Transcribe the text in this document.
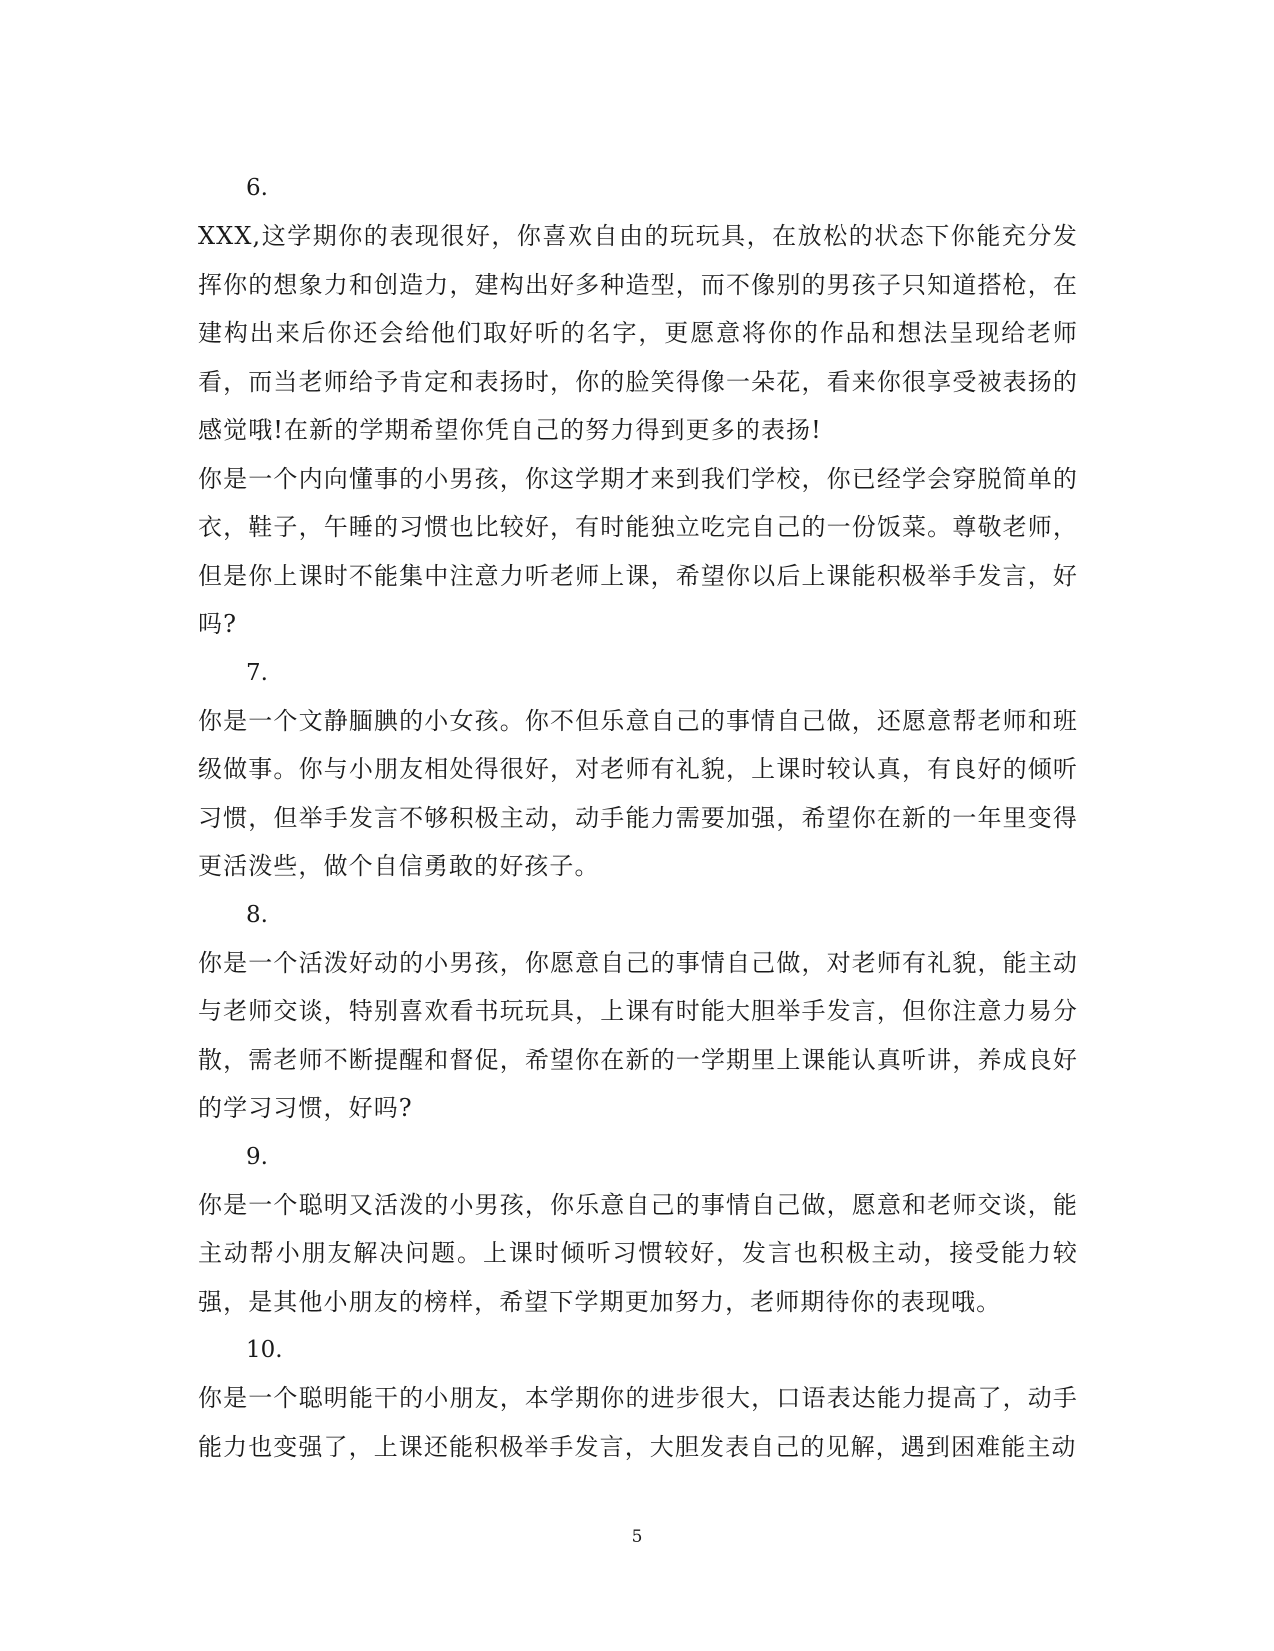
6.

XXX,这学期你的表现很好，你喜欢自由的玩玩具，在放松的状态下你能充分发挥你的想象力和创造力，建构出好多种造型，而不像别的男孩子只知道搭枪，在建构出来后你还会给他们取好听的名字，更愿意将你的作品和想法呈现给老师看，而当老师给予肯定和表扬时，你的脸笑得像一朵花，看来你很享受被表扬的感觉哦!在新的学期希望你凭自己的努力得到更多的表扬!

你是一个内向懂事的小男孩，你这学期才来到我们学校，你已经学会穿脱简单的衣，鞋子，午睡的习惯也比较好，有时能独立吃完自己的一份饭菜。尊敬老师，但是你上课时不能集中注意力听老师上课，希望你以后上课能积极举手发言，好吗?

7.

你是一个文静腼腆的小女孩。你不但乐意自己的事情自己做，还愿意帮老师和班级做事。你与小朋友相处得很好，对老师有礼貌，上课时较认真，有良好的倾听习惯，但举手发言不够积极主动，动手能力需要加强，希望你在新的一年里变得更活泼些，做个自信勇敢的好孩子。

8.

你是一个活泼好动的小男孩，你愿意自己的事情自己做，对老师有礼貌，能主动与老师交谈，特别喜欢看书玩玩具，上课有时能大胆举手发言，但你注意力易分散，需老师不断提醒和督促，希望你在新的一学期里上课能认真听讲，养成良好的学习习惯，好吗?

9.

你是一个聪明又活泼的小男孩，你乐意自己的事情自己做，愿意和老师交谈，能主动帮小朋友解决问题。上课时倾听习惯较好，发言也积极主动，接受能力较强，是其他小朋友的榜样，希望下学期更加努力，老师期待你的表现哦。

10.

你是一个聪明能干的小朋友，本学期你的进步很大，口语表达能力提高了，动手能力也变强了，上课还能积极举手发言，大胆发表自己的见解，遇到困难能主动

5
